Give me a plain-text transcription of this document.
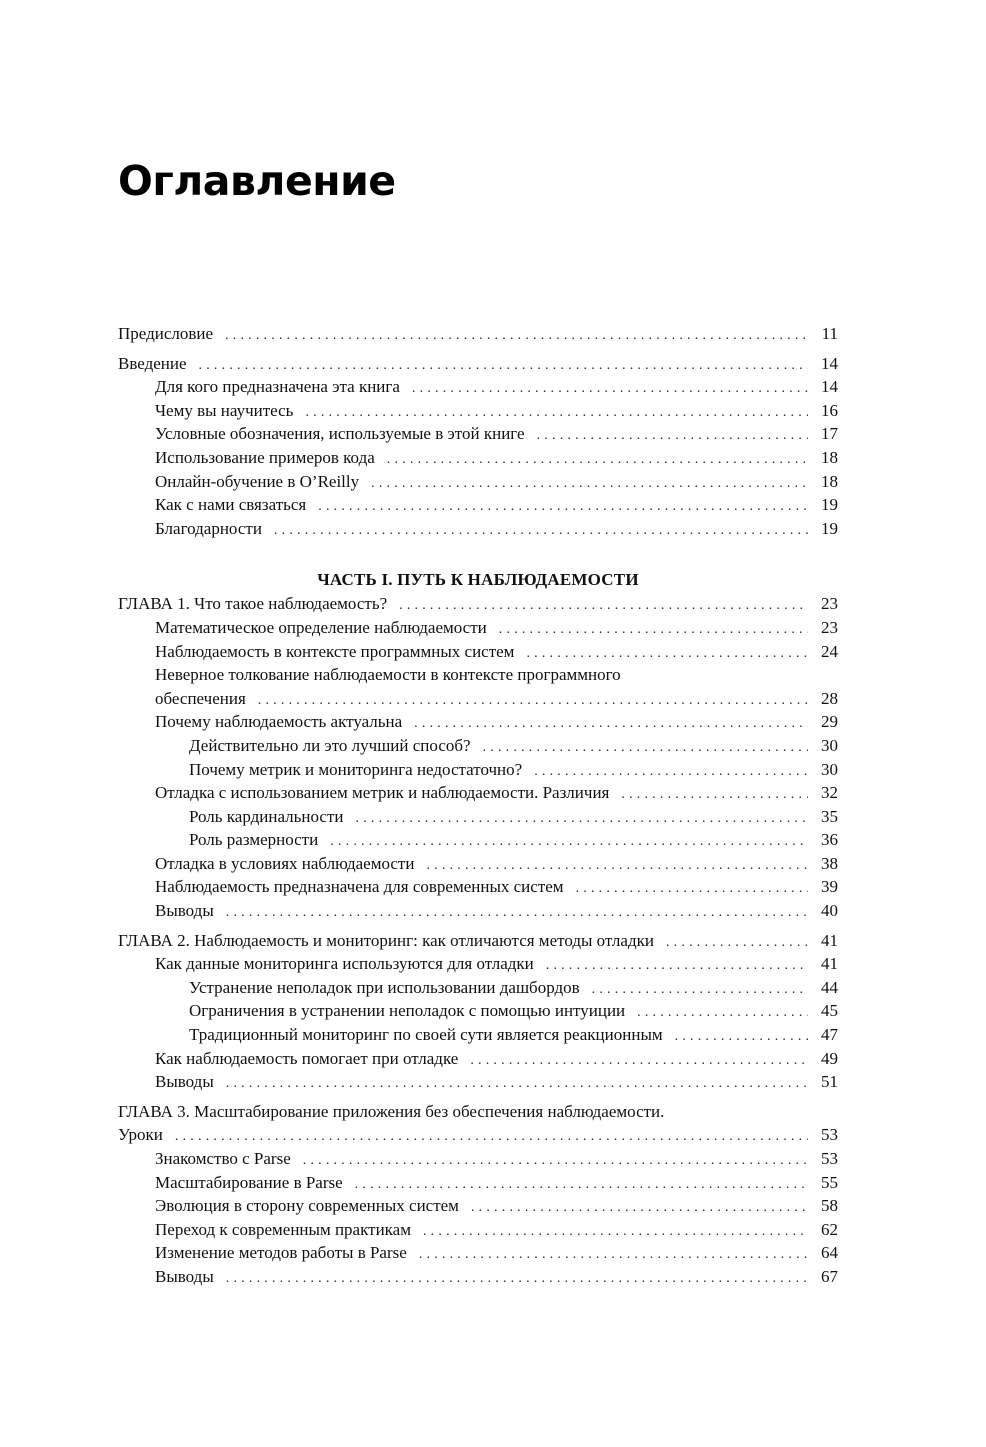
Оглавление
Предисловие .....	11
Введение .....	14
Для кого предназначена эта книга .....	14
Чему вы научитесь .....	16
Условные обозначения, используемые в этой книге .....	17
Использование примеров кода .....	18
Онлайн-обучение в O’Reilly .....	18
Как с нами связаться .....	19
Благодарности .....	19
ЧАСТЬ I. ПУТЬ К НАБЛЮДАЕМОСТИ
ГЛАВА 1. Что такое наблюдаемость? .....	23
Математическое определение наблюдаемости .....	23
Наблюдаемость в контексте программных систем .....	24
Неверное толкование наблюдаемости в контексте программного
обеспечения .....	28
Почему наблюдаемость актуальна .....	29
Действительно ли это лучший способ? .....	30
Почему метрик и мониторинга недостаточно? .....	30
Отладка с использованием метрик и наблюдаемости. Различия .....	32
Роль кардинальности .....	35
Роль размерности .....	36
Отладка в условиях наблюдаемости .....	38
Наблюдаемость предназначена для современных систем .....	39
Выводы .....	40
ГЛАВА 2. Наблюдаемость и мониторинг: как отличаются методы отладки .....	41
Как данные мониторинга используются для отладки .....	41
Устранение неполадок при использовании дашбордов .....	44
Ограничения в устранении неполадок с помощью интуиции .....	45
Традиционный мониторинг по своей сути является реакционным .....	47
Как наблюдаемость помогает при отладке .....	49
Выводы .....	51
ГЛАВА 3. Масштабирование приложения без обеспечения наблюдаемости.
Уроки .....	53
Знакомство с Parse .....	53
Масштабирование в Parse .....	55
Эволюция в сторону современных систем .....	58
Переход к современным практикам .....	62
Изменение методов работы в Parse .....	64
Выводы .....	67
